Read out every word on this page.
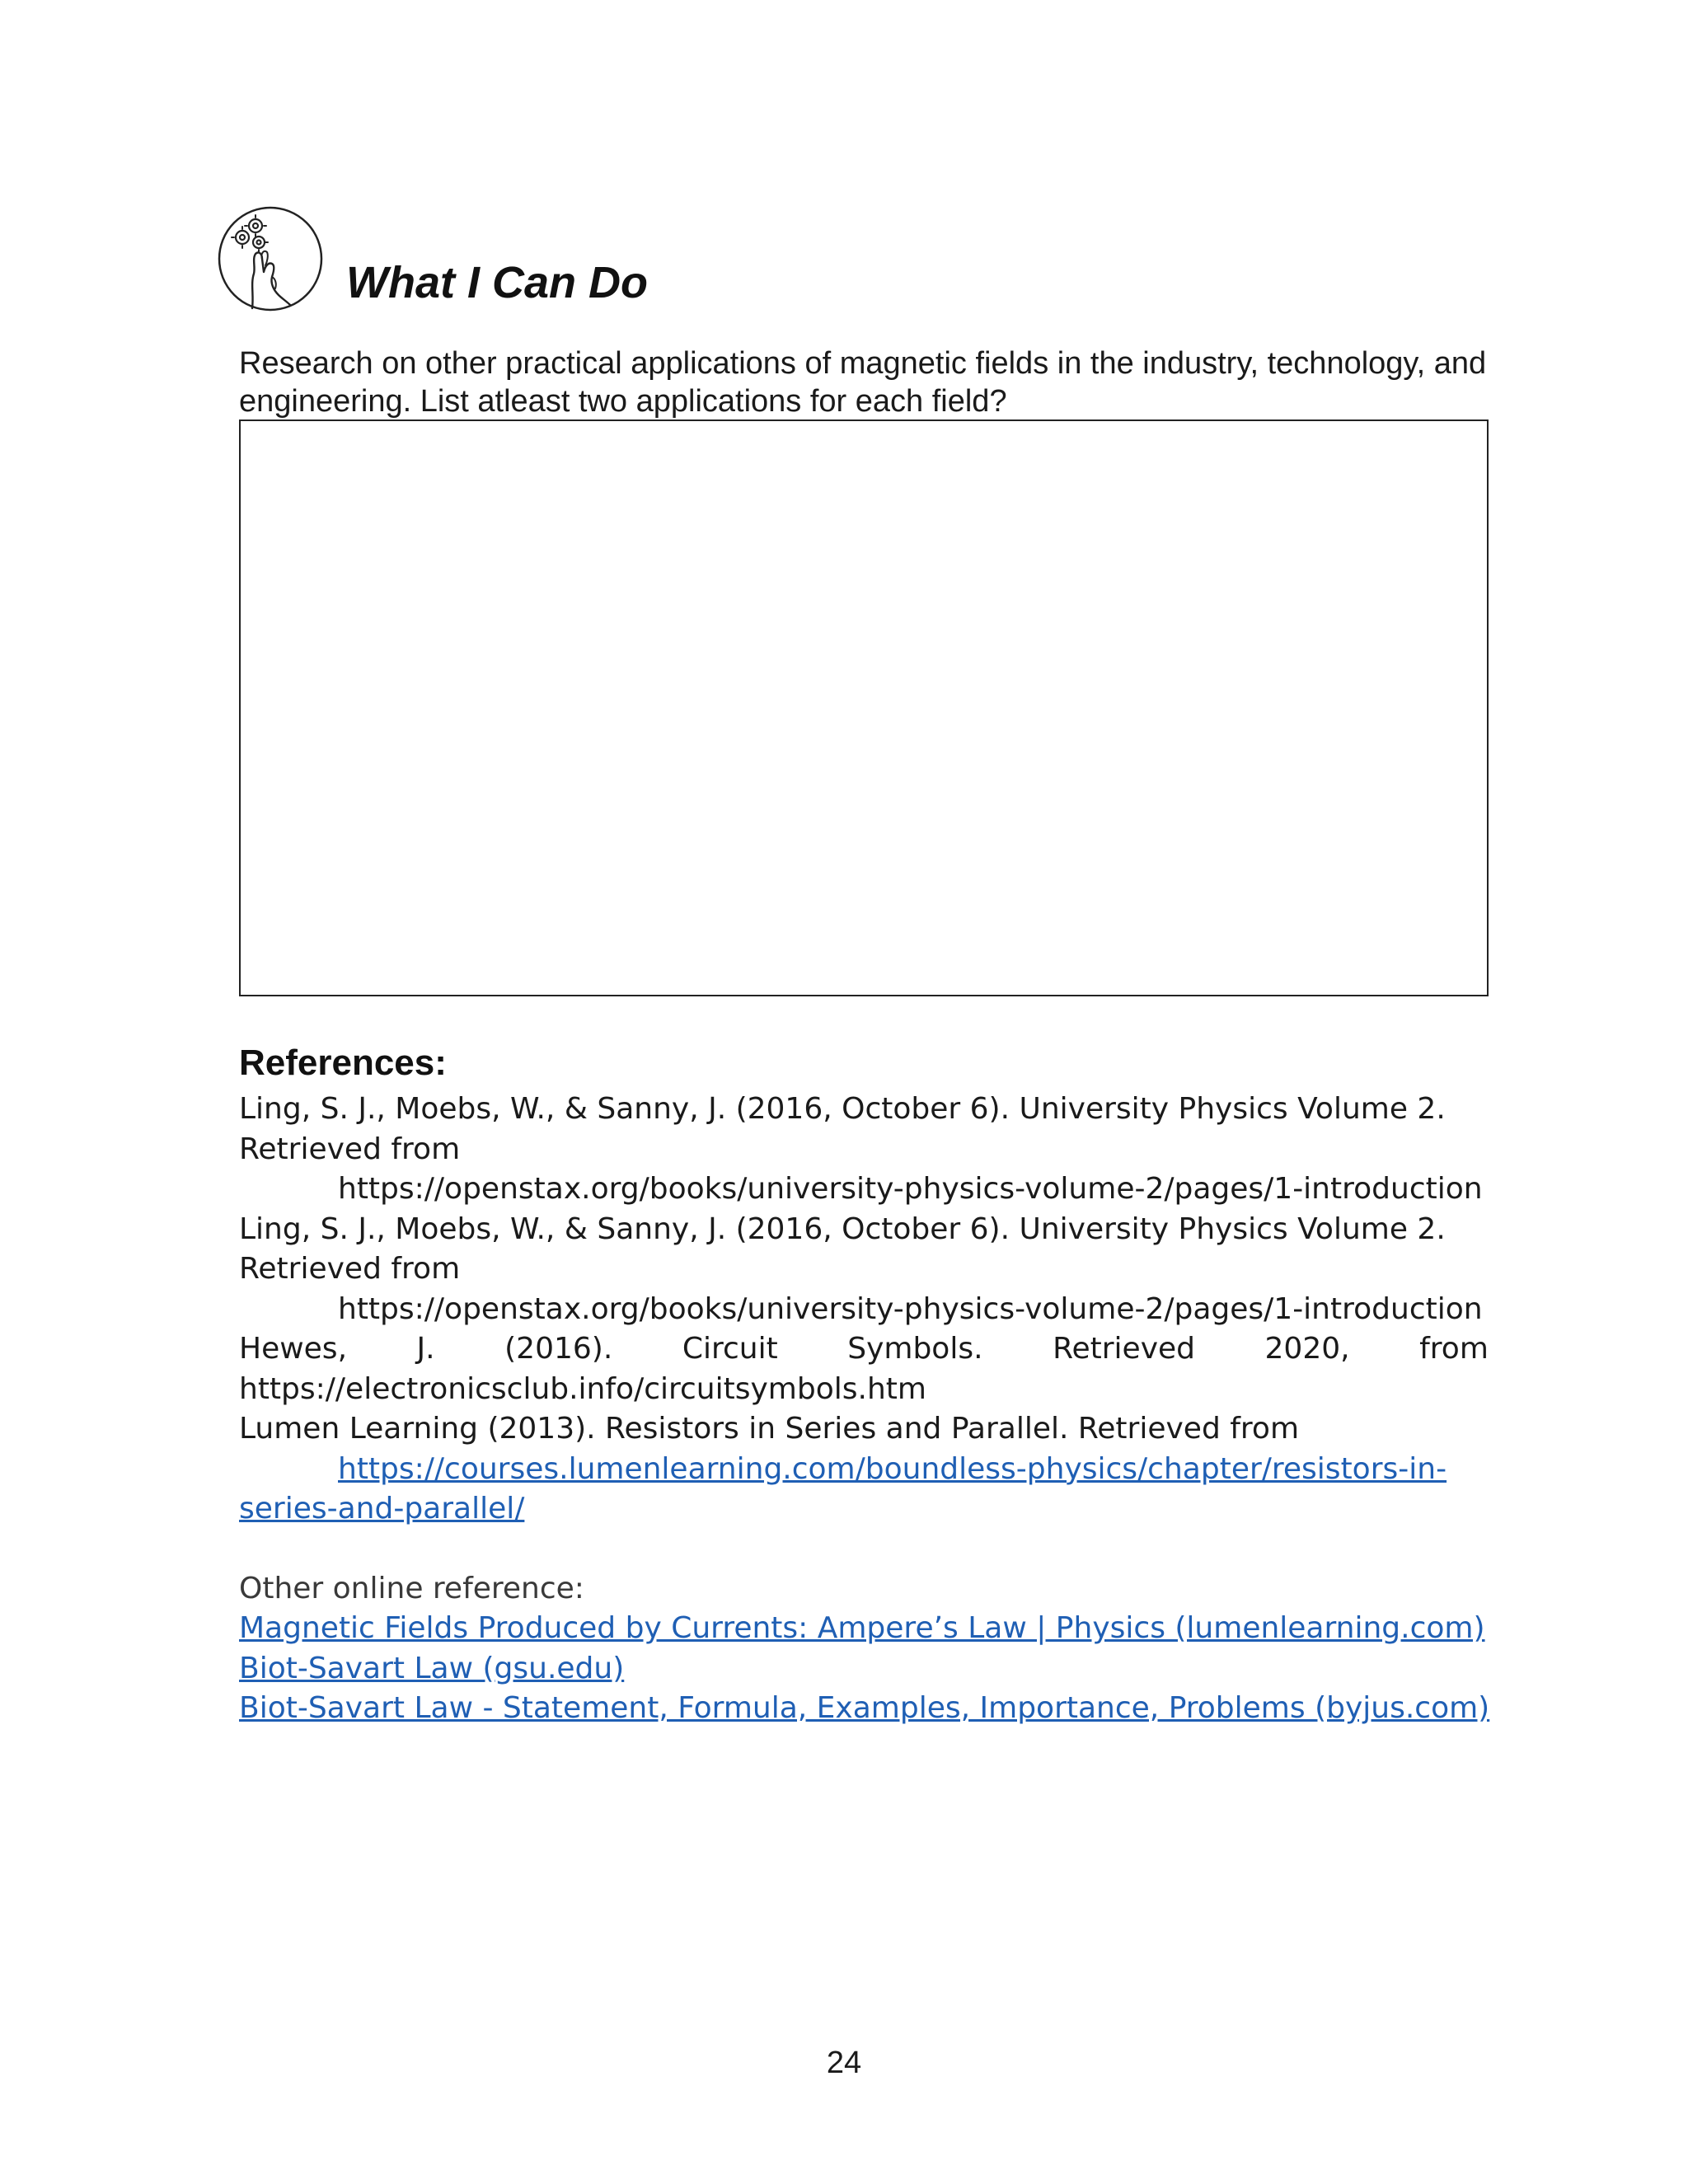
What I Can Do
Research on other practical applications of magnetic fields in the industry, technology, and engineering. List atleast two applications for each field?
References:
Ling, S. J., Moebs, W., & Sanny, J. (2016, October 6). University Physics Volume 2.
Retrieved from
https://openstax.org/books/university-physics-volume-2/pages/1-introduction
Ling, S. J., Moebs, W., & Sanny, J. (2016, October 6). University Physics Volume 2.
Retrieved from
https://openstax.org/books/university-physics-volume-2/pages/1-introduction
Hewes, J. (2016). Circuit Symbols. Retrieved 2020, from
https://electronicsclub.info/circuitsymbols.htm
Lumen Learning (2013). Resistors in Series and Parallel. Retrieved from
https://courses.lumenlearning.com/boundless-physics/chapter/resistors-in-
series-and-parallel/
Other online reference:
Magnetic Fields Produced by Currents: Ampere’s Law | Physics (lumenlearning.com)
Biot-Savart Law (gsu.edu)
Biot-Savart Law - Statement, Formula, Examples, Importance, Problems (byjus.com)
24
